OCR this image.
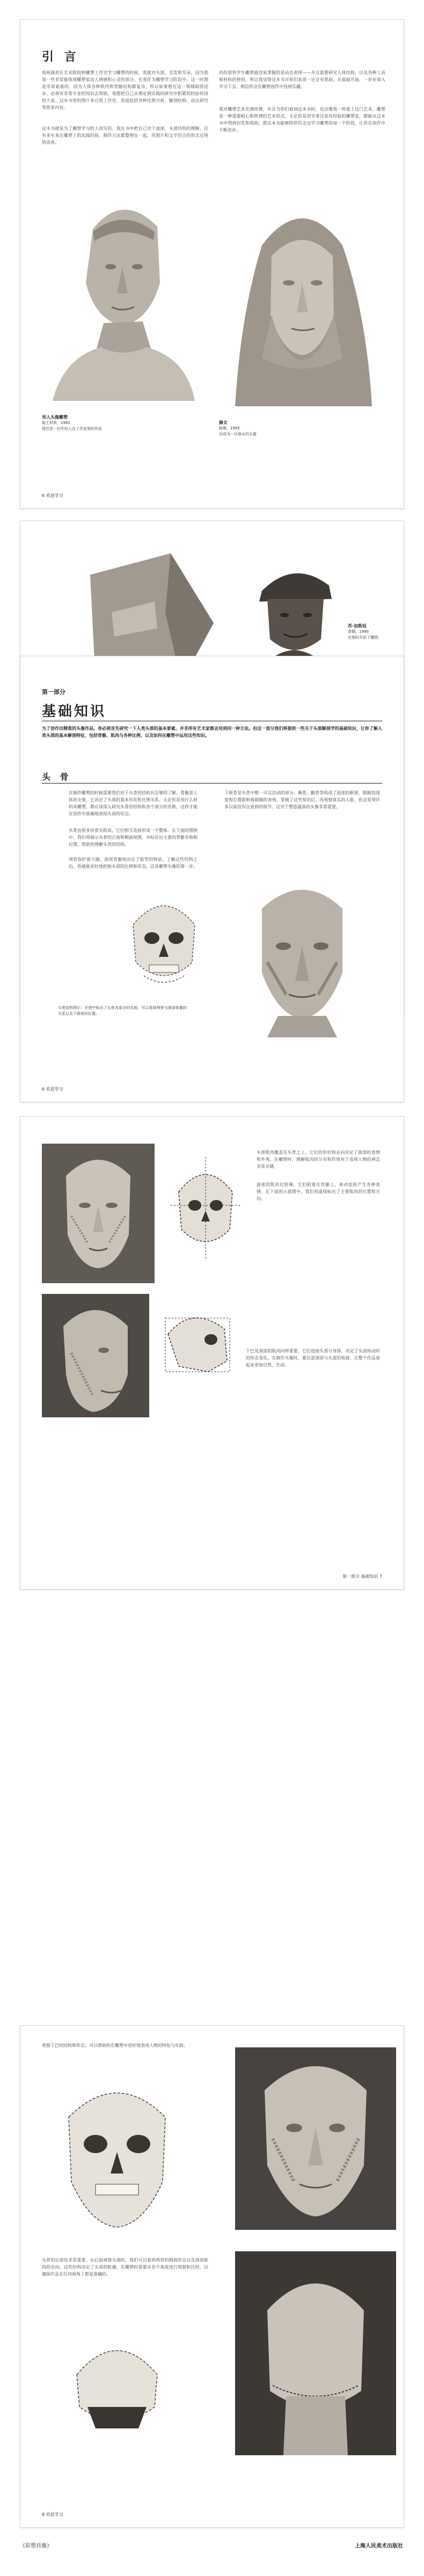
引 言
电视最初在艺术院校和雕塑工作室学习雕塑的时候，我就对头部、毛发和耳朵，因为那是一些非常能体现雕塑家动人情感和心灵的部分。在我作为雕塑学习阶段中，这一时期是非常艰难的，因为人体各种肌肉和骨骼结构都复杂，所以如果想在这一领域取得进步，必须有非常专业的知识去帮助。我想把自己从理论到实践的研究中积累的经验传授给大家。这本书里的图片来自我工作室，里面包括各种比例分析、解剖结构、动态研究等很多内容。
这本书就是为了雕塑学习的人而写的，我在书中把自己对于面部、头部结构的理解，还有多年来在雕塑上的实践经验、制作方法都整理在一起，用图片和文字结合的形式呈现给读者。
的你很快学生雕塑最容易掌握的是动态表现——并且需要研究人体结构，以及各种工具和材料的使用，所以我觉得这本书对你们来说一定会有帮助。从基础开始，一步步深入学习下去，相信你会在雕塑创作中找到乐趣。
我对雕塑艺术充满热情，并且当你们看到这本书时，也会像我一样爱上这门艺术。雕塑是一种需要耐心和热情的艺术形式，无论你是初学者还是有经验的雕塑家，都能从这本书中得到启发和帮助。愿这本书能够陪伴你走过学习雕塑的每一个阶段，让你在创作中不断进步。
男人头像雕塑
黏土材质，1981
现在是一位年轻人在工作室里的作品
修女
树脂，1995
完成为一位修女的头像
6 欢迎学习
苏·加斯廷
青铜，1990
在那时开始了雕塑。
第一部分
基础知识
为了创作出精准的头像作品，你必须首先研究一下人类头部的基本要素。并非所有艺术家都会用到同一种方法。但这一部分我们将提供一些关于头部解剖学的基础知识，让你了解人类头部的基本解剖特征，包括骨骼、肌肉与各种比例，以及如何在雕塑中运用这些知识。
头 骨
在制作雕塑的时候需要我们对于头骨的结构有足够的了解。骨骼是人体的支架，它决定了头部的基本形状和比例关系。无论你是用什么材料来雕塑，都应该深入研究头骨的结构和各个部分的名称，这样才能在创作中准确地表现头部的形态。
头骨由很多块骨头组成，它们相互连接形成一个整体。在下面的图例中，我们将展示头骨的正面和侧面视图，并标注出主要的骨骼名称和位置，帮助你理解头骨的结构。
颅骨保护着大脑，面部骨骼则决定了脸型的特征。了解这些结构之后，你就能更好地把握头部的比例和形态，这是雕塑头像的第一步。
下颌骨是头骨中唯一可以活动的部分。颞骨、颧骨等构成了面部的框架，眼眶的深度和位置影响着眼睛的表现。掌握了这些知识后，再观察真实的人脸，你会发现许多以前没有注意到的细节。这对于塑造逼真的头像非常重要。
头骨结构图示：在图中标出了头骨各部分的名称，可以看到颅骨与面部骨骼的关系以及下颌骨的位置。
6 欢迎学习
头部肌肉覆盖在头骨之上，它们的形状和走向决定了面部的表情和外观。在雕塑时，理解肌肉的分布和作用对于表现人物的神态非常关键。
面部的肌肉比较薄，它们附着在骨骼上，牵动皮肤产生各种表情。在下面的示意图中，我们用虚线标出了主要肌肉的位置和方向。
下巴及颈部的肌肉同样重要，它们连接头部与身体，决定了头部转动时的形态变化。在制作头像时，要注意颈部与头部的衔接，让整个作品看起来更加自然、生动。
第一部分 基础知识 7
观察下巴的结构和形态，可以帮助你在雕塑中更好地表现人物的特征与年龄。
头骨的后部也非常重要。从后面观察头部时，我们可以看到颅骨的圆润形态以及颈部肌肉的走向。这些结构决定了头部的轮廓，在雕塑时需要从各个角度进行观察和比较，以确保作品在任何视角下都是准确的。
8 欢迎学习
《彩塑肖像》	上海人民美术出版社
